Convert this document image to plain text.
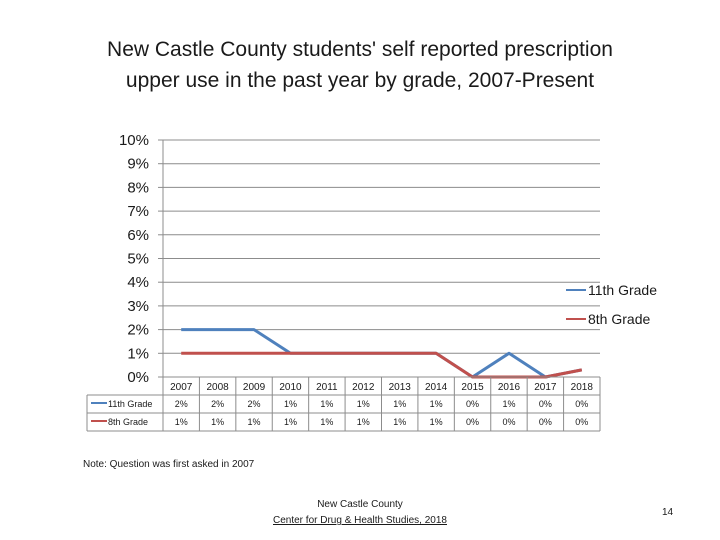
New Castle County students' self reported prescription
upper use in the past year by grade, 2007-Present
0%
1%
2%
3%
4%
5%
6%
7%
8%
9%
10%
11th Grade
8th Grade
2007 2008 2009 2010 2011 2012 2013 2014 2015 2016 2017 2018
11th Grade 2%	2%	2%	1%	1%	1%	1%	1%	0%	1%	0%	0%
8th Grade	1%	1%	1%	1%	1%	1%	1%	1%	0%	0%	0%	0%
Note: Question was first asked in 2007
New Castle County
Center for Drug & Health Studies, 2018
14
